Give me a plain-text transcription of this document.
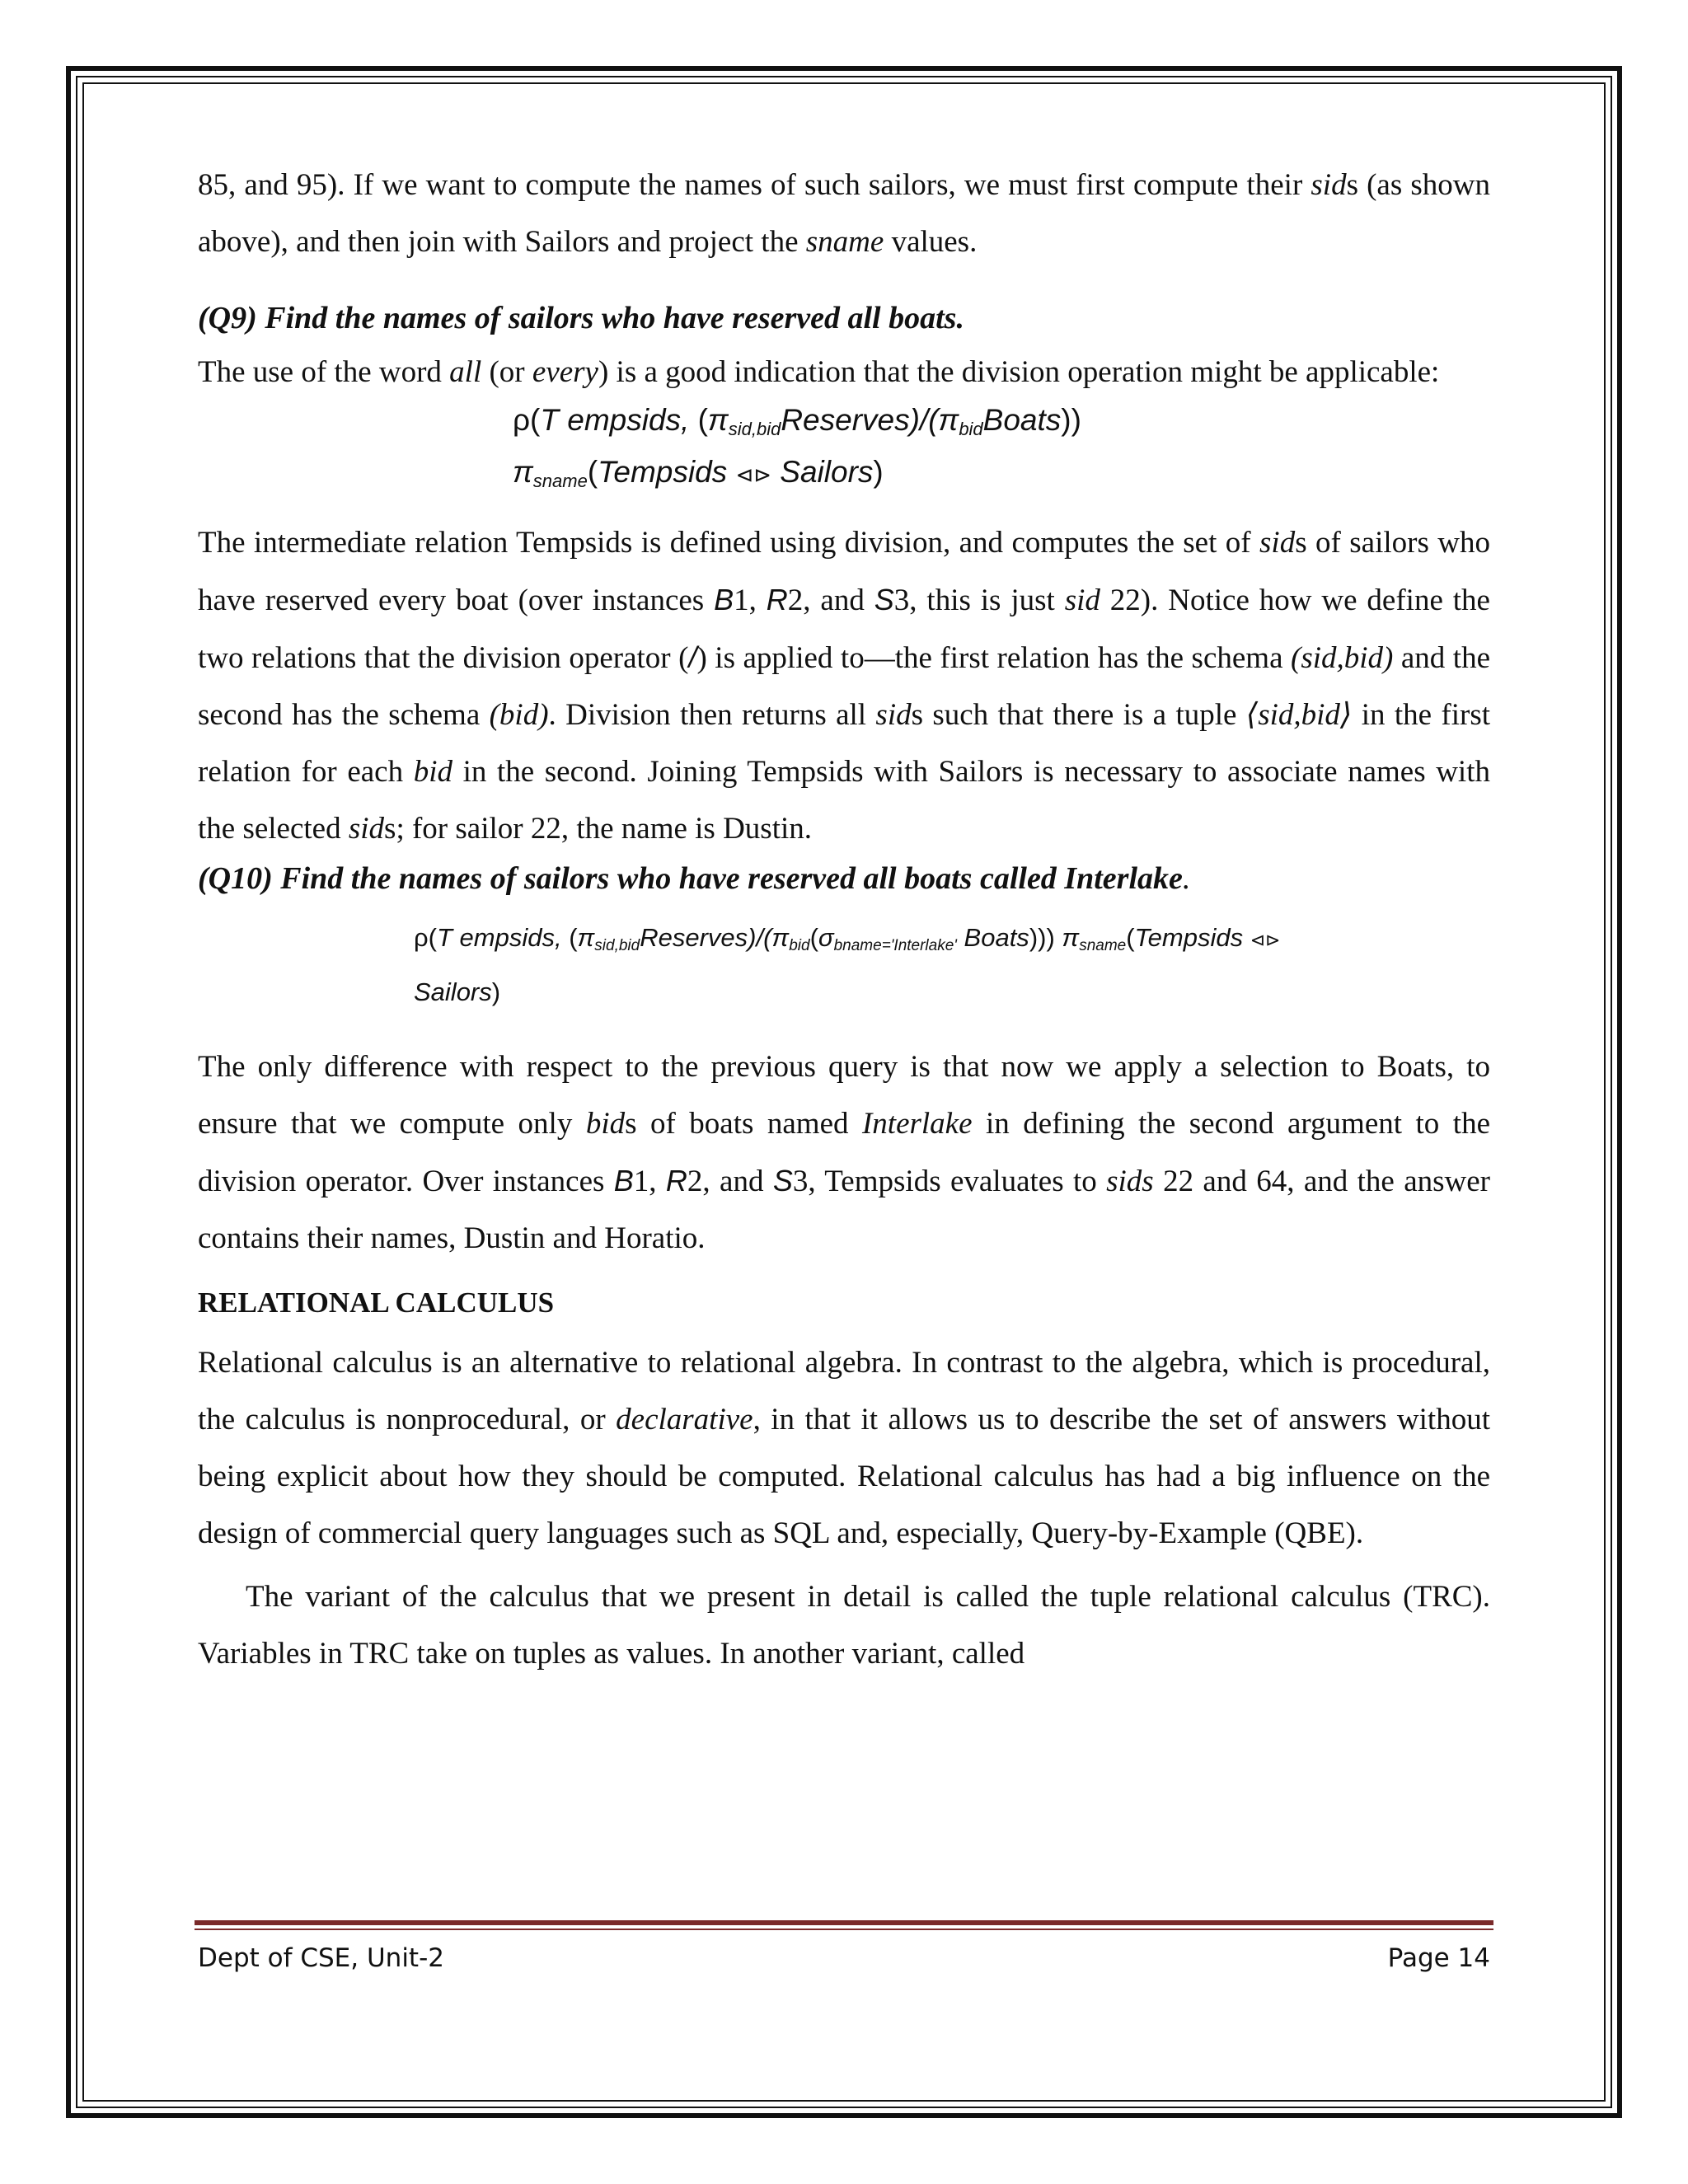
85, and 95). If we want to compute the names of such sailors, we must first compute their sids (as shown above), and then join with Sailors and project the sname values.

(Q9) Find the names of sailors who have reserved all boats.

The use of the word all (or every) is a good indication that the division operation might be applicable:

ρ(T empsids, $(\pi_{sid,bid}Reserves)/(\pi_{bid}Boats)$)
$\pi_{sname}(Tempsids$ ⊲⊳ Sailors)

The intermediate relation Tempsids is defined using division, and computes the set of sids of sailors who have reserved every boat (over instances B1, R2, and S3, this is just sid 22). Notice how we define the two relations that the division operator (/) is applied to—the first relation has the schema (sid,bid) and the second has the schema (bid). Division then returns all sids such that there is a tuple ⟨sid,bid⟩ in the first relation for each bid in the second. Joining Tempsids with Sailors is necessary to associate names with the selected sids; for sailor 22, the name is Dustin.

(Q10) Find the names of sailors who have reserved all boats called Interlake.

ρ(T empsids, $(\pi_{sid,bid}Reserves)/(\pi_{bid}(\sigma_{bname='Interlake'}$ Boats))) $\pi_{sname}(Tempsids$ ⊲⊳
Sailors)

The only difference with respect to the previous query is that now we apply a selection to Boats, to ensure that we compute only bids of boats named Interlake in defining the second argument to the division operator. Over instances B1, R2, and S3, Tempsids evaluates to sids 22 and 64, and the answer contains their names, Dustin and Horatio.

RELATIONAL CALCULUS

Relational calculus is an alternative to relational algebra. In contrast to the algebra, which is procedural, the calculus is nonprocedural, or declarative, in that it allows us to describe the set of answers without being explicit about how they should be computed. Relational calculus has had a big influence on the design of commercial query languages such as SQL and, especially, Query-by-Example (QBE).

The variant of the calculus that we present in detail is called the tuple relational calculus (TRC). Variables in TRC take on tuples as values. In another variant, called

Dept of CSE, Unit-2	Page 14
